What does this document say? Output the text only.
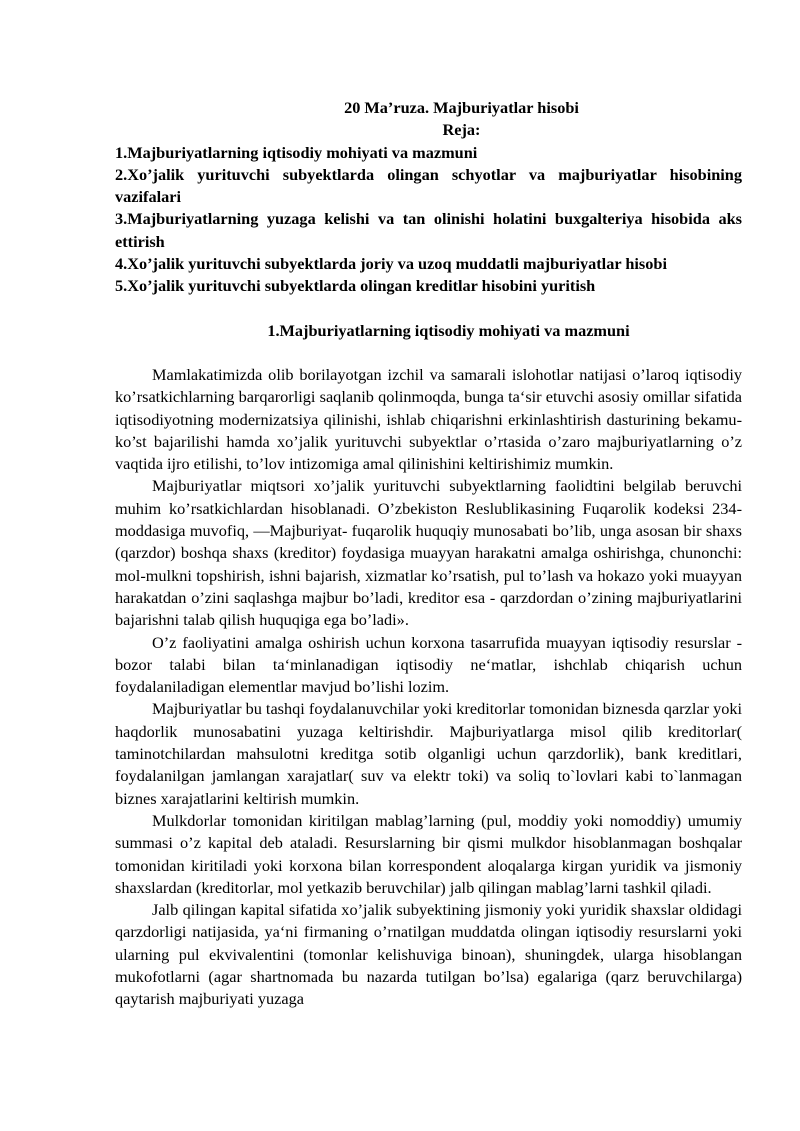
20 Ma’ruza. Majburiyatlar hisobi

Reja:

1.Majburiyatlarning iqtisodiy mohiyati va mazmuni
2.Xo’jalik yurituvchi subyektlarda olingan schyotlar va majburiyatlar hisobining vazifalari
3.Majburiyatlarning yuzaga kelishi va tan olinishi holatini buxgalteriya hisobida aks ettirish
4.Xo’jalik yurituvchi subyektlarda joriy va uzoq muddatli majburiyatlar hisobi
5.Xo’jalik yurituvchi subyektlarda olingan kreditlar hisobini yuritish

1.Majburiyatlarning iqtisodiy mohiyati va mazmuni

Mamlakatimizda olib borilayotgan izchil va samarali islohotlar natijasi o’laroq iqtisodiy ko’rsatkichlarning barqarorligi saqlanib qolinmoqda, bunga ta‘sir etuvchi asosiy omillar sifatida iqtisodiyotning modernizatsiya qilinishi, ishlab chiqarishni erkinlashtirish dasturining bekamu-ko’st bajarilishi hamda xo’jalik yurituvchi subyektlar o’rtasida o’zaro majburiyatlarning o’z vaqtida ijro etilishi, to’lov intizomiga amal qilinishini keltirishimiz mumkin.

Majburiyatlar miqtsori xo’jalik yurituvchi subyektlarning faolidtini belgilab beruvchi muhim ko’rsatkichlardan hisoblanadi. O’zbekiston Reslublikasining Fuqarolik kodeksi 234-moddasiga muvofiq, ―Majburiyat- fuqarolik huquqiy munosabati bo’lib, unga asosan bir shaxs (qarzdor) boshqa shaxs (kreditor) foydasiga muayyan harakatni amalga oshirishga, chunonchi: mol-mulkni topshirish, ishni bajarish, xizmatlar ko’rsatish, pul to’lash va hokazo yoki muayyan harakatdan o’zini saqlashga majbur bo’ladi, kreditor esa - qarzdordan o’zining majburiyatlarini bajarishni talab qilish huquqiga ega bo’ladi».

O’z faoliyatini amalga oshirish uchun korxona tasarrufida muayyan iqtisodiy resurslar - bozor talabi bilan ta‘minlanadigan iqtisodiy ne‘matlar, ishchlab chiqarish uchun foydalaniladigan elementlar mavjud bo’lishi lozim.

Majburiyatlar bu tashqi foydalanuvchilar yoki kreditorlar tomonidan biznesda qarzlar yoki haqdorlik munosabatini yuzaga keltirishdir. Majburiyatlarga misol qilib kreditorlar( taminotchilardan mahsulotni kreditga sotib olganligi uchun qarzdorlik), bank kreditlari, foydalanilgan jamlangan xarajatlar( suv va elektr toki) va soliq to`lovlari kabi to`lanmagan biznes xarajatlarini keltirish mumkin.

Mulkdorlar tomonidan kiritilgan mablag’larning (pul, moddiy yoki nomoddiy) umumiy summasi o’z kapital deb ataladi. Resurslarning bir qismi mulkdor hisoblanmagan boshqalar tomonidan kiritiladi yoki korxona bilan korrespondent aloqalarga kirgan yuridik va jismoniy shaxslardan (kreditorlar, mol yetkazib beruvchilar) jalb qilingan mablag’larni tashkil qiladi.

Jalb qilingan kapital sifatida xo’jalik subyektining jismoniy yoki yuridik shaxslar oldidagi qarzdorligi natijasida, ya‘ni firmaning o’rnatilgan muddatda olingan iqtisodiy resurslarni yoki ularning pul ekvivalentini (tomonlar kelishuviga binoan), shuningdek, ularga hisoblangan mukofotlarni (agar shartnomada bu nazarda tutilgan bo’lsa) egalariga (qarz beruvchilarga) qaytarish majburiyati yuzaga
